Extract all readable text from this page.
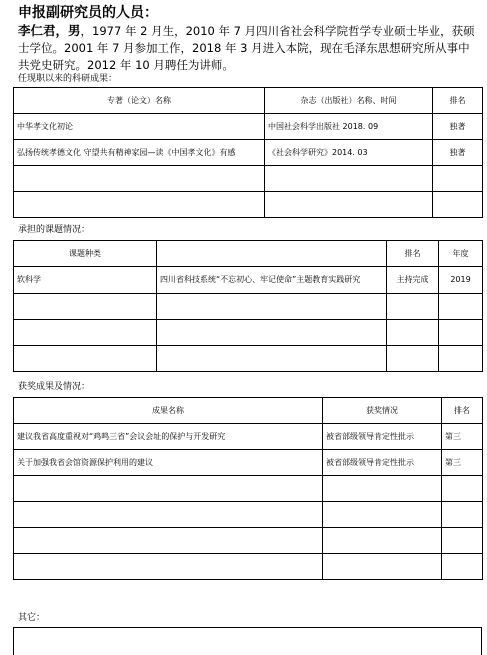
申报副研究员的人员：
李仁君，男，1977 年 2 月生，2010 年 7 月四川省社会科学院哲学专业硕士毕业，获硕士学位。2001 年 7 月参加工作，2018 年 3 月进入本院，现在毛泽东思想研究所从事中共党史研究。2012 年 10 月聘任为讲师。
任现职以来的科研成果：
专著（论文）名称	杂志（出版社）名称、时间	排名
中华孝文化初论	中国社会科学出版社 2018. 09	独著
弘扬传统孝德文化 守望共有精神家园—读《中国孝文化》有感	《社会科学研究》2014. 03	独著

承担的课题情况：
课题种类		排名	年度
软科学	四川省科技系统“不忘初心、牢记使命”主题教育实践研究	主持完成	2019

获奖成果及情况：
成果名称	获奖情况	排名
建议我省高度重视对“鸡鸣三省”会议会址的保护与开发研究	被省部级领导肯定性批示	第三
关于加强我省会馆资源保护利用的建议	被省部级领导肯定性批示	第三

其它：
